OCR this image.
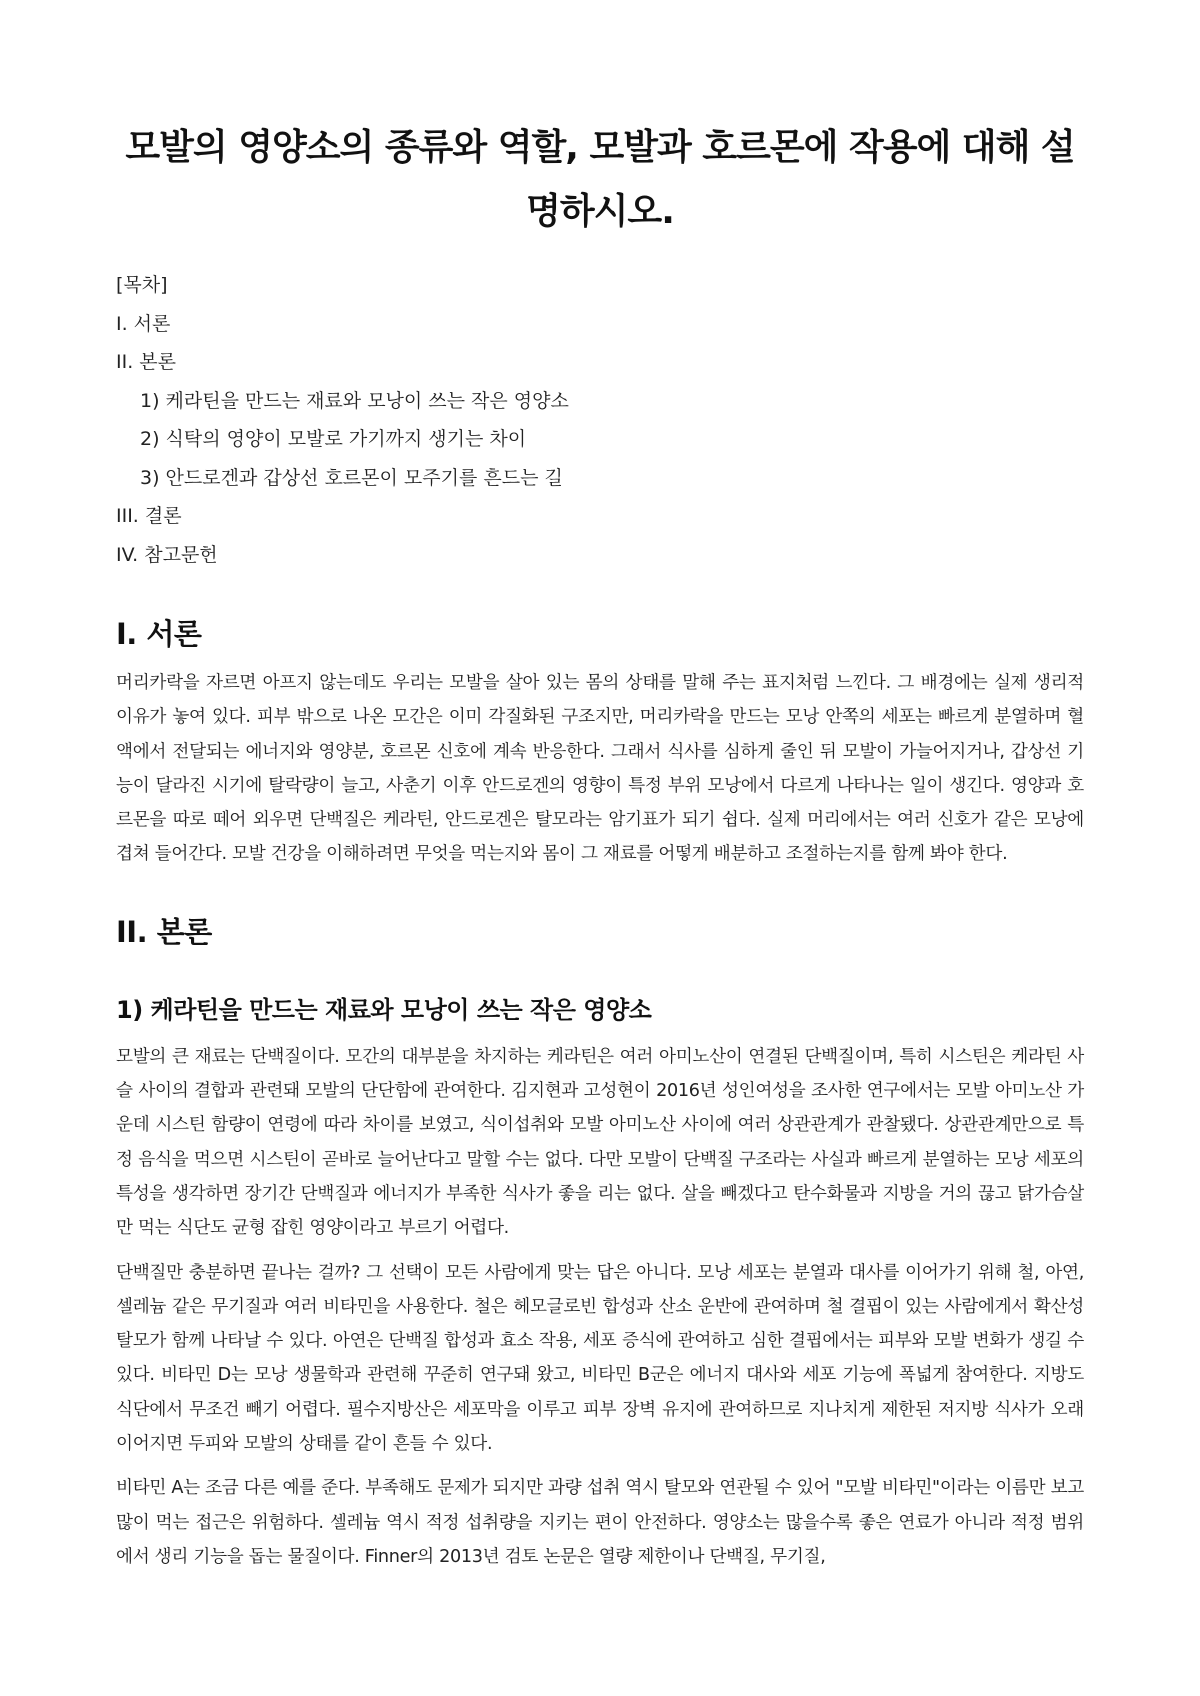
모발의 영양소의 종류와 역할, 모발과 호르몬에 작용에 대해 설명하시오.
[목차]
I. 서론
II. 본론
1) 케라틴을 만드는 재료와 모낭이 쓰는 작은 영양소
2) 식탁의 영양이 모발로 가기까지 생기는 차이
3) 안드로겐과 갑상선 호르몬이 모주기를 흔드는 길
III. 결론
IV. 참고문헌
I. 서론

머리카락을 자르면 아프지 않는데도 우리는 모발을 살아 있는 몸의 상태를 말해 주는 표지처럼 느낀다. 그 배경에는 실제 생리적 이유가 놓여 있다. 피부 밖으로 나온 모간은 이미 각질화된 구조지만, 머리카락을 만드는 모낭 안쪽의 세포는 빠르게 분열하며 혈액에서 전달되는 에너지와 영양분, 호르몬 신호에 계속 반응한다. 그래서 식사를 심하게 줄인 뒤 모발이 가늘어지거나, 갑상선 기능이 달라진 시기에 탈락량이 늘고, 사춘기 이후 안드로겐의 영향이 특정 부위 모낭에서 다르게 나타나는 일이 생긴다. 영양과 호르몬을 따로 떼어 외우면 단백질은 케라틴, 안드로겐은 탈모라는 암기표가 되기 쉽다. 실제 머리에서는 여러 신호가 같은 모낭에 겹쳐 들어간다. 모발 건강을 이해하려면 무엇을 먹는지와 몸이 그 재료를 어떻게 배분하고 조절하는지를 함께 봐야 한다.

II. 본론
1) 케라틴을 만드는 재료와 모낭이 쓰는 작은 영양소

모발의 큰 재료는 단백질이다. 모간의 대부분을 차지하는 케라틴은 여러 아미노산이 연결된 단백질이며, 특히 시스틴은 케라틴 사슬 사이의 결합과 관련돼 모발의 단단함에 관여한다. 김지현과 고성현이 2016년 성인여성을 조사한 연구에서는 모발 아미노산 가운데 시스틴 함량이 연령에 따라 차이를 보였고, 식이섭취와 모발 아미노산 사이에 여러 상관관계가 관찰됐다. 상관관계만으로 특정 음식을 먹으면 시스틴이 곧바로 늘어난다고 말할 수는 없다. 다만 모발이 단백질 구조라는 사실과 빠르게 분열하는 모낭 세포의 특성을 생각하면 장기간 단백질과 에너지가 부족한 식사가 좋을 리는 없다. 살을 빼겠다고 탄수화물과 지방을 거의 끊고 닭가슴살만 먹는 식단도 균형 잡힌 영양이라고 부르기 어렵다.

단백질만 충분하면 끝나는 걸까? 그 선택이 모든 사람에게 맞는 답은 아니다. 모낭 세포는 분열과 대사를 이어가기 위해 철, 아연, 셀레늄 같은 무기질과 여러 비타민을 사용한다. 철은 헤모글로빈 합성과 산소 운반에 관여하며 철 결핍이 있는 사람에게서 확산성 탈모가 함께 나타날 수 있다. 아연은 단백질 합성과 효소 작용, 세포 증식에 관여하고 심한 결핍에서는 피부와 모발 변화가 생길 수 있다. 비타민 D는 모낭 생물학과 관련해 꾸준히 연구돼 왔고, 비타민 B군은 에너지 대사와 세포 기능에 폭넓게 참여한다. 지방도 식단에서 무조건 빼기 어렵다. 필수지방산은 세포막을 이루고 피부 장벽 유지에 관여하므로 지나치게 제한된 저지방 식사가 오래 이어지면 두피와 모발의 상태를 같이 흔들 수 있다.

비타민 A는 조금 다른 예를 준다. 부족해도 문제가 되지만 과량 섭취 역시 탈모와 연관될 수 있어 "모발 비타민"이라는 이름만 보고 많이 먹는 접근은 위험하다. 셀레늄 역시 적정 섭취량을 지키는 편이 안전하다. 영양소는 많을수록 좋은 연료가 아니라 적정 범위에서 생리 기능을 돕는 물질이다. Finner의 2013년 검토 논문은 열량 제한이나 단백질, 무기질,
